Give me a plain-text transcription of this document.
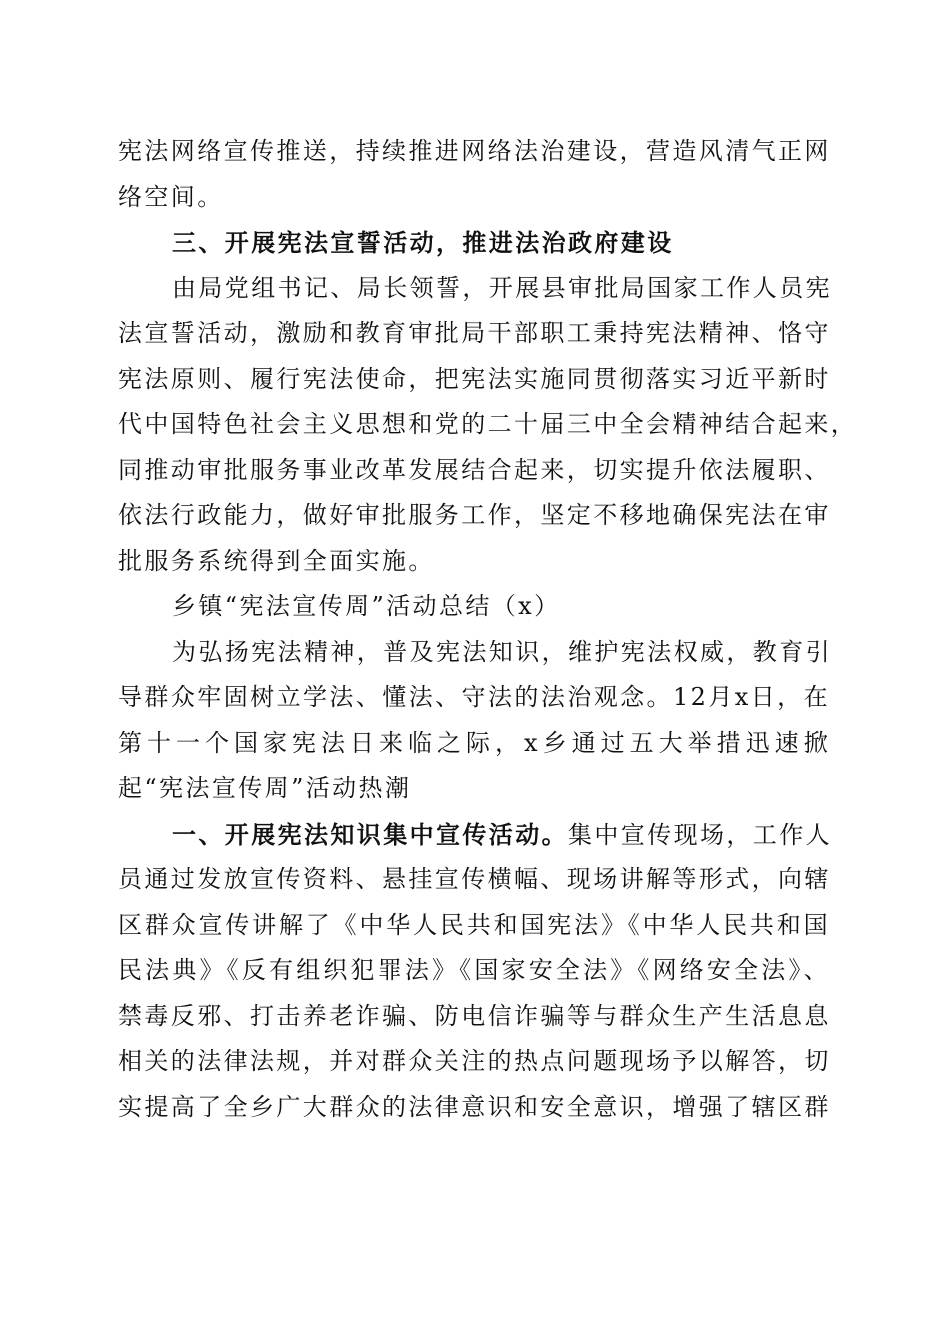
宪法网络宣传推送，持续推进网络法治建设，营造风清气正网
络空间。
三、开展宪法宣誓活动，推进法治政府建设
由局党组书记、局长领誓，开展县审批局国家工作人员宪
法宣誓活动，激励和教育审批局干部职工秉持宪法精神、恪守
宪法原则、履行宪法使命，把宪法实施同贯彻落实习近平新时
代中国特色社会主义思想和党的二十届三中全会精神结合起来，
同推动审批服务事业改革发展结合起来，切实提升依法履职、
依法行政能力，做好审批服务工作，坚定不移地确保宪法在审
批服务系统得到全面实施。
乡镇“宪法宣传周”活动总结（x）
为弘扬宪法精神，普及宪法知识，维护宪法权威，教育引
导群众牢固树立学法、懂法、守法的法治观念。12月x日，在
第十一个国家宪法日来临之际，x乡通过五大举措迅速掀
起“宪法宣传周”活动热潮
一、开展宪法知识集中宣传活动。集中宣传现场，工作人
员通过发放宣传资料、悬挂宣传横幅、现场讲解等形式，向辖
区群众宣传讲解了《中华人民共和国宪法》《中华人民共和国
民法典》《反有组织犯罪法》《国家安全法》《网络安全法》、
禁毒反邪、打击养老诈骗、防电信诈骗等与群众生产生活息息
相关的法律法规，并对群众关注的热点问题现场予以解答，切
实提高了全乡广大群众的法律意识和安全意识，增强了辖区群
